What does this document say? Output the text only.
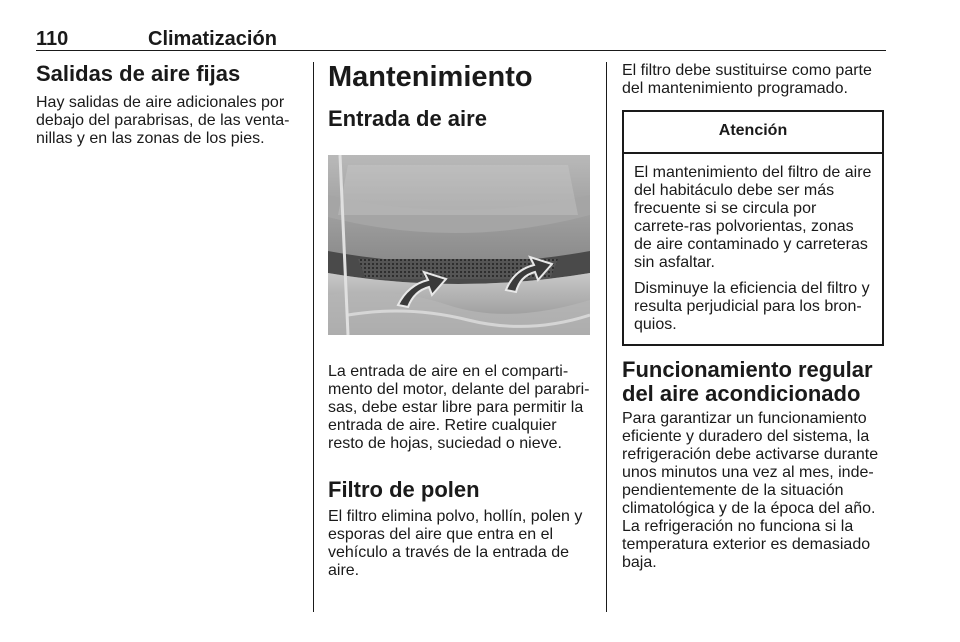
110	Climatización
Salidas de aire fijas

Hay salidas de aire adicionales por debajo del parabrisas, de las venta-nillas y en las zonas de los pies.

Mantenimiento
Entrada de aire

La entrada de aire en el comparti-mento del motor, delante del parabri-sas, debe estar libre para permitir la entrada de aire. Retire cualquier resto de hojas, suciedad o nieve.

Filtro de polen

El filtro elimina polvo, hollín, polen y esporas del aire que entra en el vehículo a través de la entrada de aire.

El filtro debe sustituirse como parte del mantenimiento programado.

Atención

El mantenimiento del filtro de aire del habitáculo debe ser más frecuente si se circula por carrete-ras polvorientas, zonas de aire contaminado y carreteras sin asfaltar.

Disminuye la eficiencia del filtro y resulta perjudicial para los bron-quios.

Funcionamiento regular del aire acondicionado

Para garantizar un funcionamiento eficiente y duradero del sistema, la refrigeración debe activarse durante unos minutos una vez al mes, inde-pendientemente de la situación climatológica y de la época del año. La refrigeración no funciona si la temperatura exterior es demasiado baja.
